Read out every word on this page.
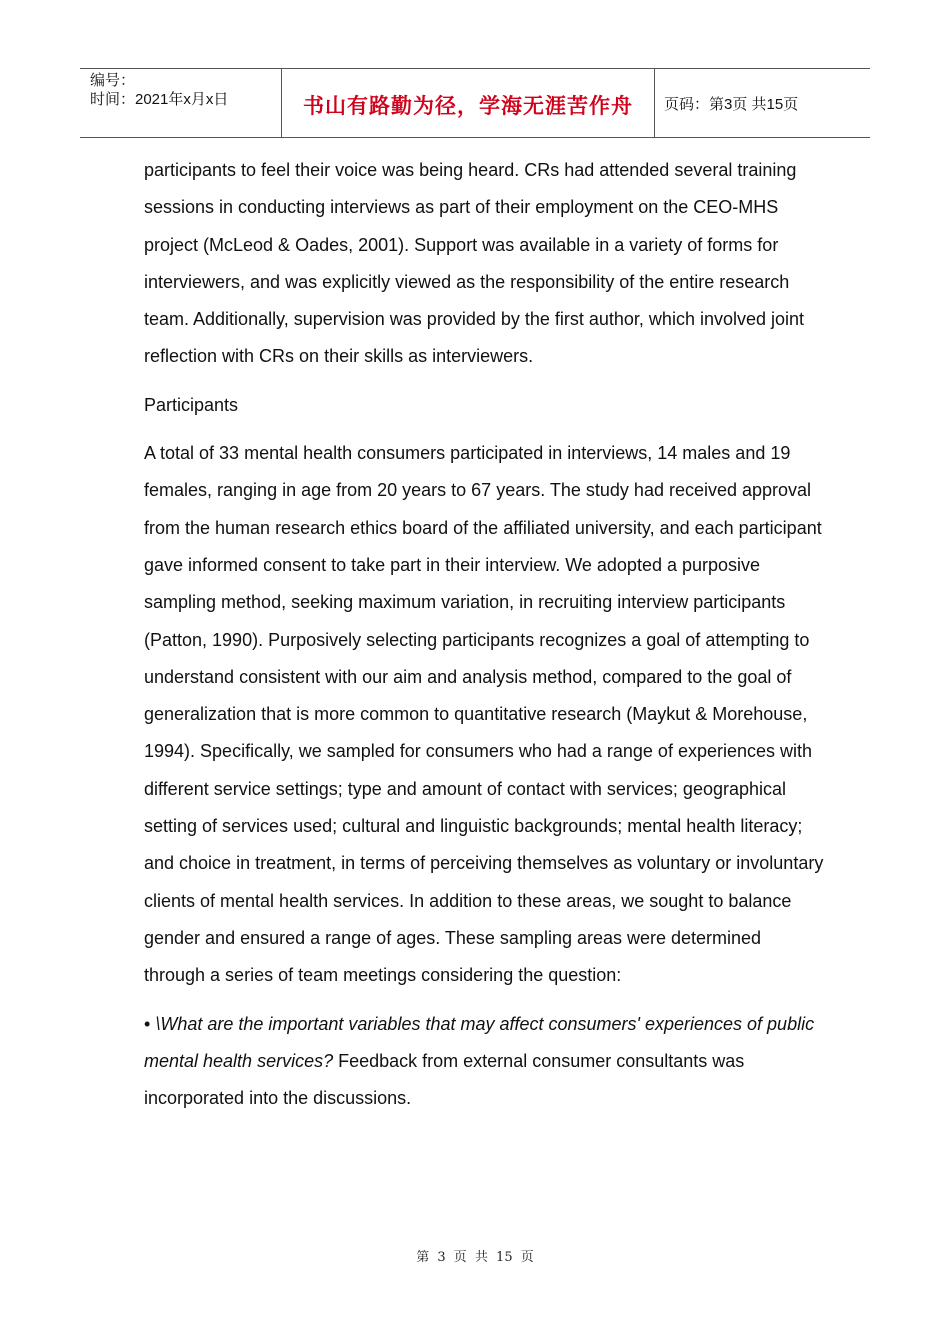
编号：
时间：2021年x月x日	书山有路勤为径，学海无涯苦作舟 页码：第3页 共15页

participants to feel their voice was being heard. CRs had attended several training sessions in conducting interviews as part of their employment on the CEO-MHS project (McLeod & Oades, 2001). Support was available in a variety of forms for interviewers, and was explicitly viewed as the responsibility of the entire research team. Additionally, supervision was provided by the first author, which involved joint reflection with CRs on their skills as interviewers.

Participants

A total of 33 mental health consumers participated in interviews, 14 males and 19 females, ranging in age from 20 years to 67 years. The study had received approval from the human research ethics board of the affiliated university, and each participant gave informed consent to take part in their interview. We adopted a purposive sampling method, seeking maximum variation, in recruiting interview participants (Patton, 1990). Purposively selecting participants recognizes a goal of attempting to understand consistent with our aim and analysis method, compared to the goal of generalization that is more common to quantitative research (Maykut & Morehouse, 1994). Specifically, we sampled for consumers who had a range of experiences with different service settings; type and amount of contact with services; geographical setting of services used; cultural and linguistic backgrounds; mental health literacy; and choice in treatment, in terms of perceiving themselves as voluntary or involuntary clients of mental health services. In addition to these areas, we sought to balance gender and ensured a range of ages. These sampling areas were determined through a series of team meetings considering the question:

• \What are the important variables that may affect consumers' experiences of public mental health services? Feedback from external consumer consultants was incorporated into the discussions.

第 3 页 共 15 页
